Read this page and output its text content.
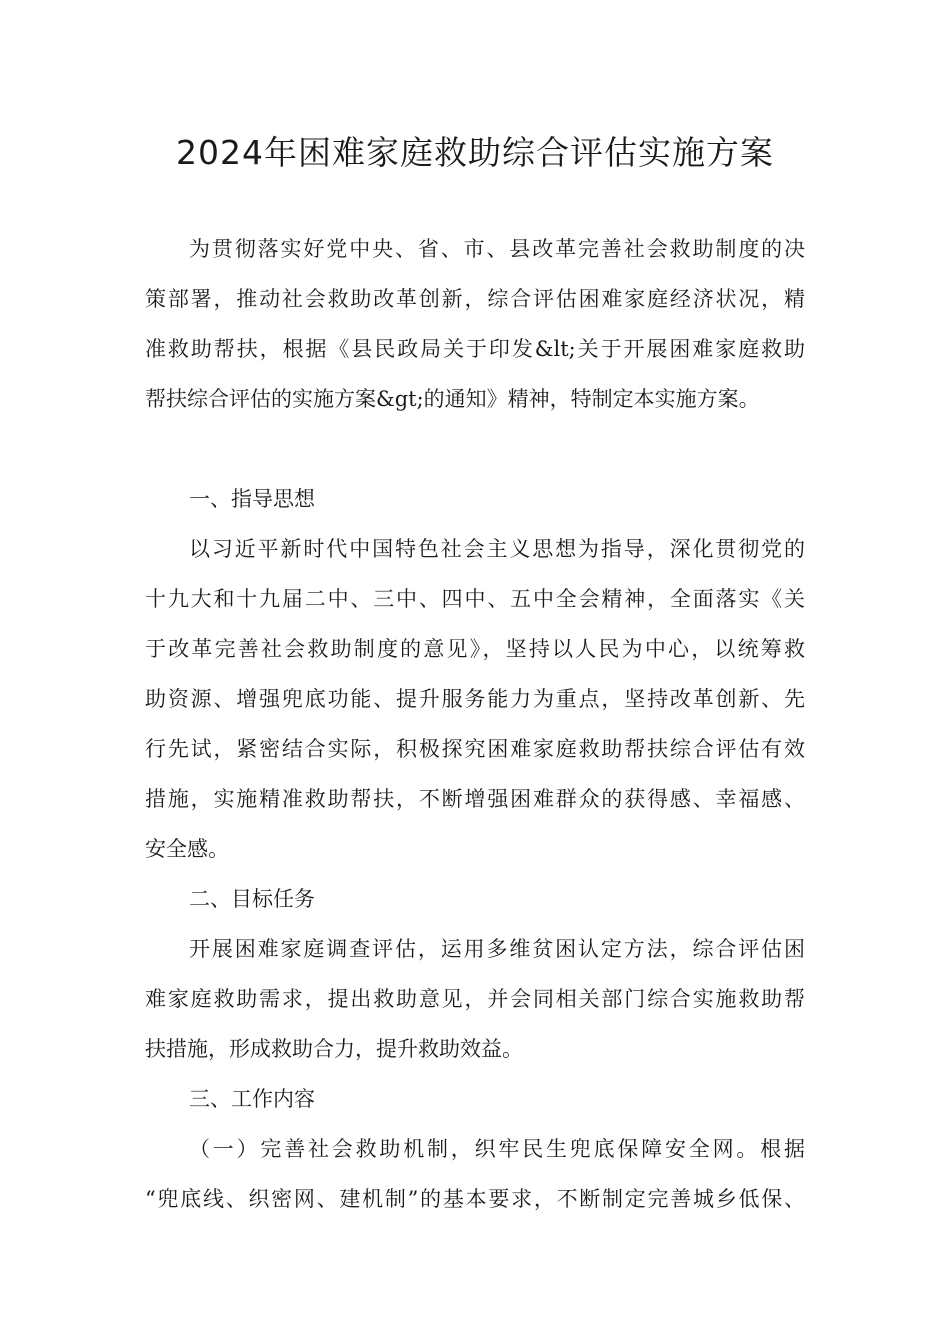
2024年困难家庭救助综合评估实施方案

为贯彻落实好党中央、省、市、县改革完善社会救助制度的决

策部署，推动社会救助改革创新，综合评估困难家庭经济状况，精

准救助帮扶，根据《县民政局关于印发&lt;关于开展困难家庭救助

帮扶综合评估的实施方案&gt;的通知》精神，特制定本实施方案。

一、指导思想

以习近平新时代中国特色社会主义思想为指导，深化贯彻党的

十九大和十九届二中、三中、四中、五中全会精神，全面落实《关

于改革完善社会救助制度的意见》，坚持以人民为中心，以统筹救

助资源、增强兜底功能、提升服务能力为重点，坚持改革创新、先

行先试，紧密结合实际，积极探究困难家庭救助帮扶综合评估有效

措施，实施精准救助帮扶，不断增强困难群众的获得感、幸福感、

安全感。

二、目标任务

开展困难家庭调查评估，运用多维贫困认定方法，综合评估困

难家庭救助需求，提出救助意见，并会同相关部门综合实施救助帮

扶措施，形成救助合力，提升救助效益。

三、工作内容

（一）完善社会救助机制，织牢民生兜底保障安全网。根据

“兜底线、织密网、建机制”的基本要求，不断制定完善城乡低保、
